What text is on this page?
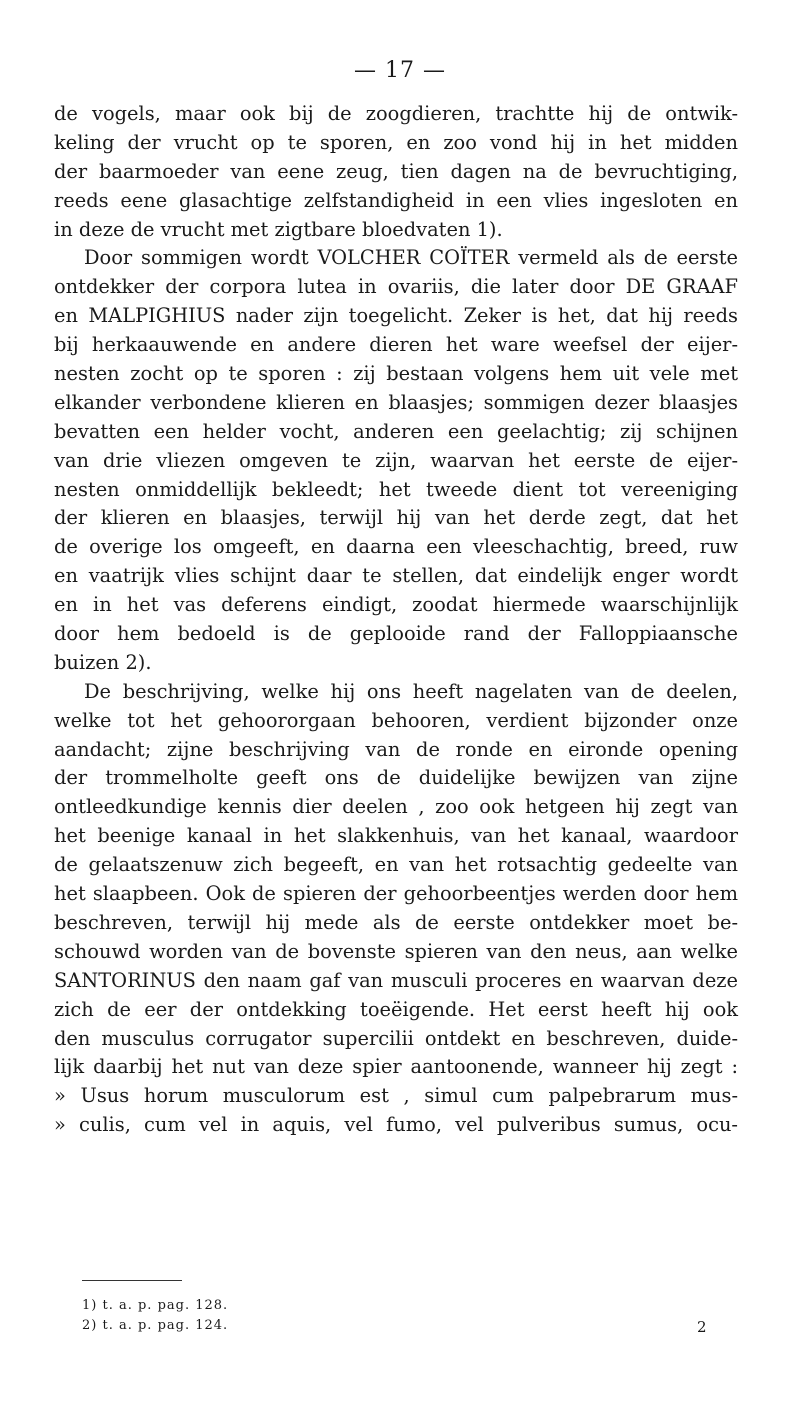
— 17 —
de vogels, maar ook bij de zoogdieren, trachtte hij de ontwik-
keling der vrucht op te sporen, en zoo vond hij in het midden
der baarmoeder van eene zeug, tien dagen na de bevruchtiging,
reeds eene glasachtige zelfstandigheid in een vlies ingesloten en
in deze de vrucht met zigtbare bloedvaten 1).
Door sommigen wordt VOLCHER COÏTER vermeld als de eerste
ontdekker der corpora lutea in ovariis, die later door DE GRAAF
en MALPIGHIUS nader zijn toegelicht. Zeker is het, dat hij reeds
bij herkaauwende en andere dieren het ware weefsel der eijer-
nesten zocht op te sporen : zij bestaan volgens hem uit vele met
elkander verbondene klieren en blaasjes; sommigen dezer blaasjes
bevatten een helder vocht, anderen een geelachtig; zij schijnen
van drie vliezen omgeven te zijn, waarvan het eerste de eijer-
nesten onmiddellijk bekleedt; het tweede dient tot vereeniging
der klieren en blaasjes, terwijl hij van het derde zegt, dat het
de overige los omgeeft, en daarna een vleeschachtig, breed, ruw
en vaatrijk vlies schijnt daar te stellen, dat eindelijk enger wordt
en in het vas deferens eindigt, zoodat hiermede waarschijnlijk
door hem bedoeld is de geplooide rand der Falloppiaansche
buizen 2).
De beschrijving, welke hij ons heeft nagelaten van de deelen,
welke tot het gehoororgaan behooren, verdient bijzonder onze
aandacht; zijne beschrijving van de ronde en eironde opening
der trommelholte geeft ons de duidelijke bewijzen van zijne
ontleedkundige kennis dier deelen , zoo ook hetgeen hij zegt van
het beenige kanaal in het slakkenhuis, van het kanaal, waardoor
de gelaatszenuw zich begeeft, en van het rotsachtig gedeelte van
het slaapbeen. Ook de spieren der gehoorbeentjes werden door hem
beschreven, terwijl hij mede als de eerste ontdekker moet be-
schouwd worden van de bovenste spieren van den neus, aan welke
SANTORINUS den naam gaf van musculi proceres en waarvan deze
zich de eer der ontdekking toeëigende. Het eerst heeft hij ook
den musculus corrugator supercilii ontdekt en beschreven, duide-
lijk daarbij het nut van deze spier aantoonende, wanneer hij zegt :
» Usus horum musculorum est , simul cum palpebrarum mus-
» culis, cum vel in aquis, vel fumo, vel pulveribus sumus, ocu-
1) t. a. p. pag. 128.
2) t. a. p. pag. 124.	2
